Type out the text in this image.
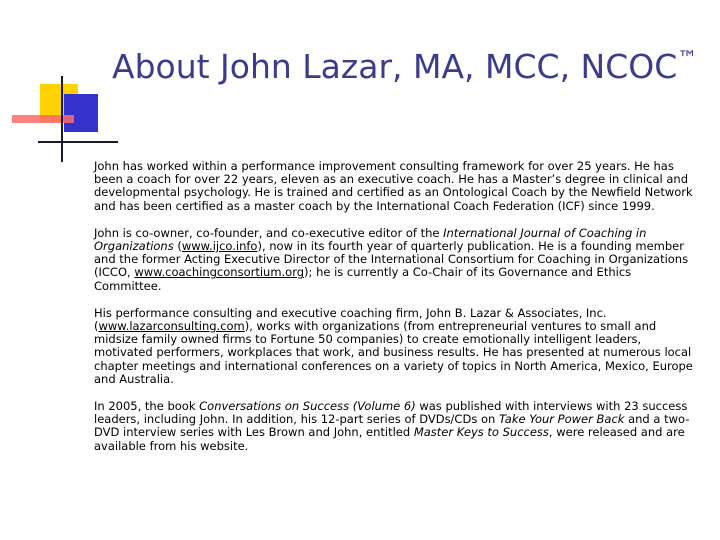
About John Lazar, MA, MCC, NCOC™

John has worked within a performance improvement consulting framework for over 25 years. He has been a coach for over 22 years, eleven as an executive coach. He has a Master’s degree in clinical and developmental psychology. He is trained and certified as an Ontological Coach by the Newfield Network and has been certified as a master coach by the International Coach Federation (ICF) since 1999.

John is co-owner, co-founder, and co-executive editor of the International Journal of Coaching in Organizations (www.ijco.info), now in its fourth year of quarterly publication. He is a founding member and the former Acting Executive Director of the International Consortium for Coaching in Organizations (ICCO, www.coachingconsortium.org); he is currently a Co-Chair of its Governance and Ethics Committee.

His performance consulting and executive coaching firm, John B. Lazar & Associates, Inc. (www.lazarconsulting.com), works with organizations (from entrepreneurial ventures to small and midsize family owned firms to Fortune 50 companies) to create emotionally intelligent leaders, motivated performers, workplaces that work, and business results. He has presented at numerous local chapter meetings and international conferences on a variety of topics in North America, Mexico, Europe and Australia.

In 2005, the book Conversations on Success (Volume 6) was published with interviews with 23 success leaders, including John. In addition, his 12-part series of DVDs/CDs on Take Your Power Back and a two-DVD interview series with Les Brown and John, entitled Master Keys to Success, were released and are available from his website.
